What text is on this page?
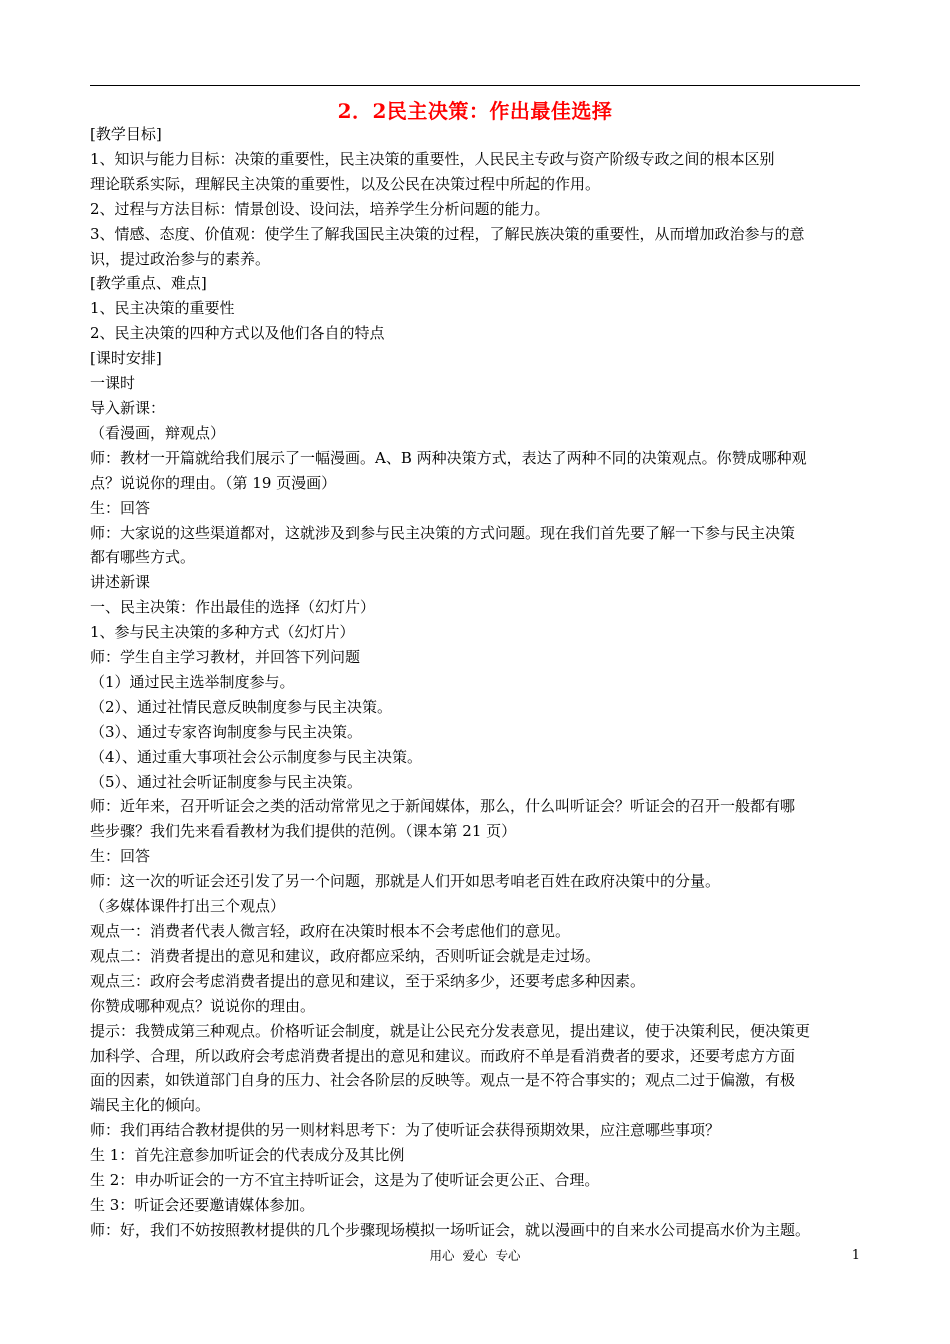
2．2民主决策：作出最佳选择

[教学目标]

1、知识与能力目标：决策的重要性，民主决策的重要性，人民民主专政与资产阶级专政之间的根本区别

理论联系实际，理解民主决策的重要性，以及公民在决策过程中所起的作用。

2、过程与方法目标：情景创设、设问法，培养学生分析问题的能力。

3、情感、态度、价值观：使学生了解我国民主决策的过程，了解民族决策的重要性，从而增加政治参与的意

识，提过政治参与的素养。

[教学重点、难点]

1、民主决策的重要性

2、民主决策的四种方式以及他们各自的特点

[课时安排]

一课时

导入新课：

（看漫画，辩观点）

师：教材一开篇就给我们展示了一幅漫画。A、B 两种决策方式，表达了两种不同的决策观点。你赞成哪种观

点？说说你的理由。（第 19 页漫画）

生：回答

师：大家说的这些渠道都对，这就涉及到参与民主决策的方式问题。现在我们首先要了解一下参与民主决策

都有哪些方式。

讲述新课

一、民主决策：作出最佳的选择（幻灯片）

1、参与民主决策的多种方式（幻灯片）

师：学生自主学习教材，并回答下列问题

（1）通过民主选举制度参与。

（2）、通过社情民意反映制度参与民主决策。

（3）、通过专家咨询制度参与民主决策。

（4）、通过重大事项社会公示制度参与民主决策。

（5）、通过社会听证制度参与民主决策。

师：近年来，召开听证会之类的活动常常见之于新闻媒体，那么，什么叫听证会？听证会的召开一般都有哪

些步骤？我们先来看看教材为我们提供的范例。（课本第 21 页）

生：回答

师：这一次的听证会还引发了另一个问题，那就是人们开如思考咱老百姓在政府决策中的分量。

（多媒体课件打出三个观点）

观点一：消费者代表人微言轻，政府在决策时根本不会考虑他们的意见。

观点二：消费者提出的意见和建议，政府都应采纳，否则听证会就是走过场。

观点三：政府会考虑消费者提出的意见和建议，至于采纳多少，还要考虑多种因素。

你赞成哪种观点？说说你的理由。

提示：我赞成第三种观点。价格听证会制度，就是让公民充分发表意见，提出建议，使于决策利民，便决策更

加科学、合理，所以政府会考虑消费者提出的意见和建议。而政府不单是看消费者的要求，还要考虑方方面

面的因素，如铁道部门自身的压力、社会各阶层的反映等。观点一是不符合事实的；观点二过于偏激，有极

端民主化的倾向。

师：我们再结合教材提供的另一则材料思考下：为了使听证会获得预期效果，应注意哪些事项？

生 1：首先注意参加听证会的代表成分及其比例

生 2：申办听证会的一方不宜主持听证会，这是为了使听证会更公正、合理。

生 3：听证会还要邀请媒体参加。

师：好，我们不妨按照教材提供的几个步骤现场模拟一场听证会，就以漫画中的自来水公司提高水价为主题。

用心 爱心 专心	1
